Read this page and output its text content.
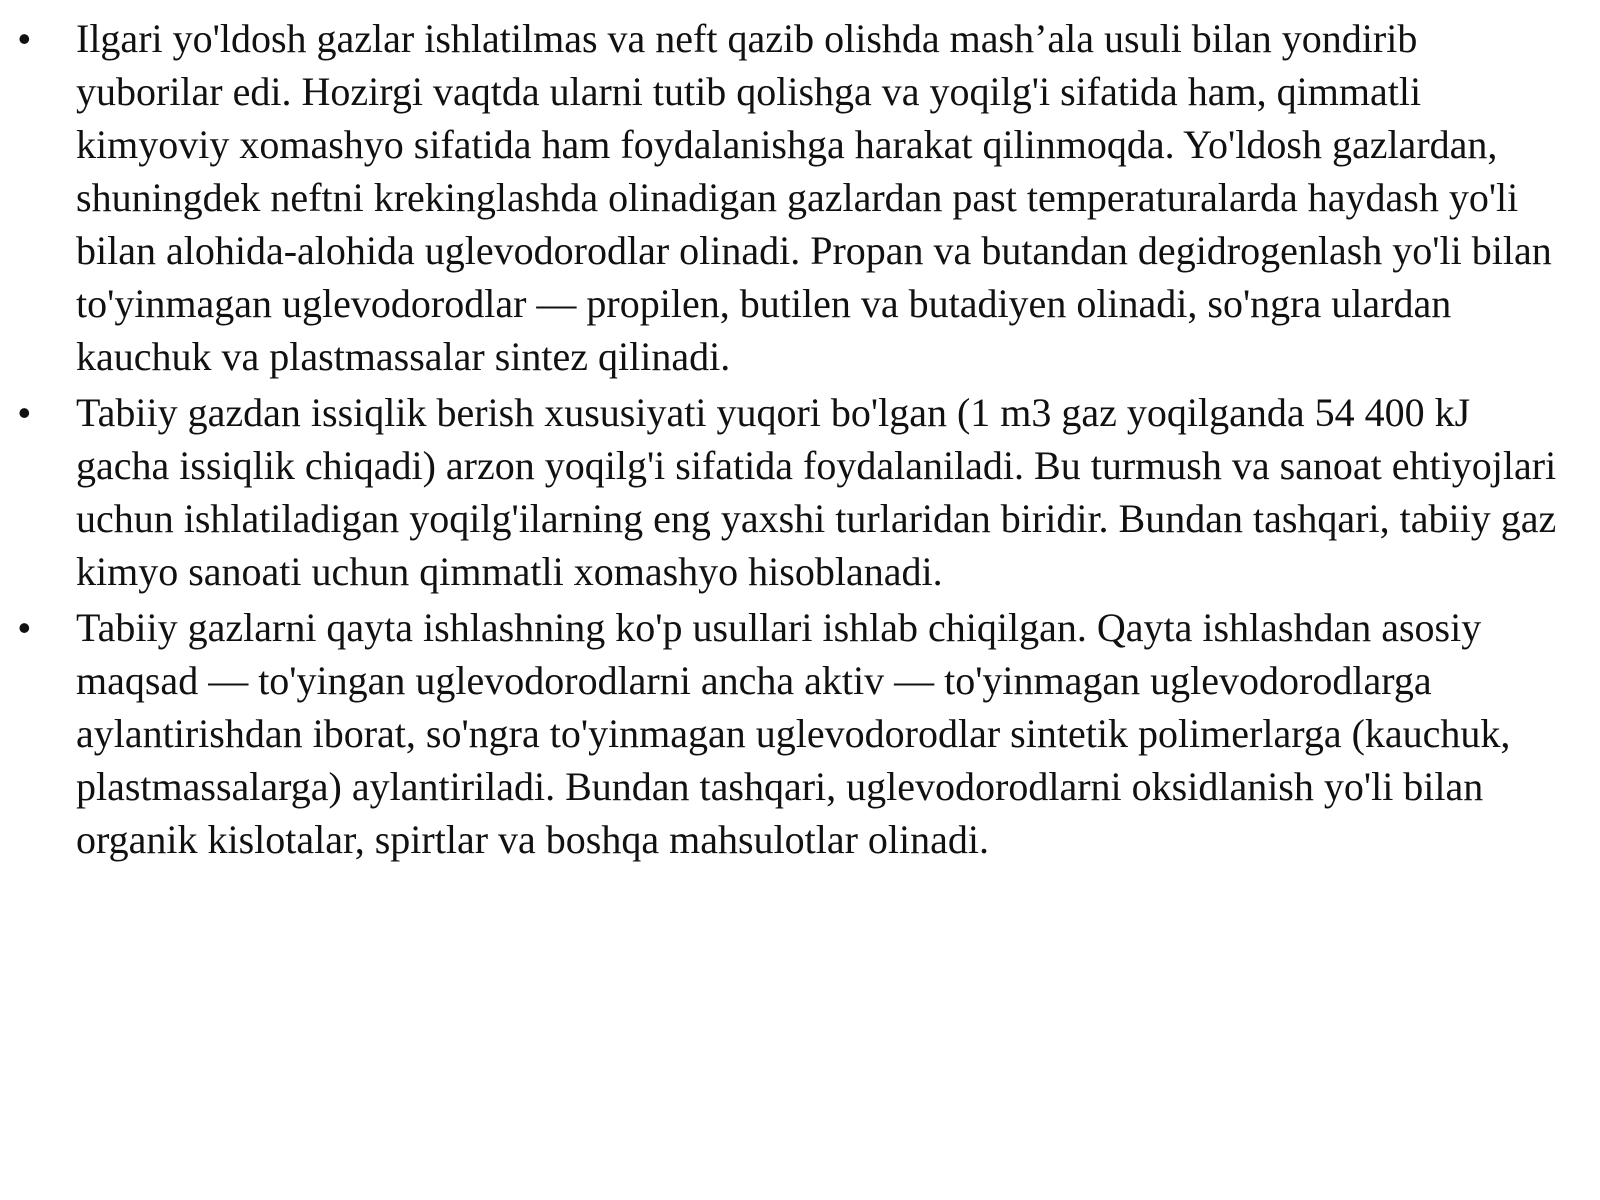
• Ilgari yo'ldosh gazlar ishlatilmas va neft qazib olishda mash’ala usuli bilan yondirib yuborilar edi. Hozirgi vaqtda ularni tutib qolishga va yoqilg'i sifatida ham, qimmatli kimyoviy xomashyo sifatida ham foydalanishga harakat qilinmoqda. Yo'ldosh gazlardan, shuningdek neftni krekinglashda olinadigan gazlardan past temperaturalarda haydash yo'li bilan alohida-alohida uglevodorodlar olinadi. Propan va butandan degidrogenlash yo'li bilan to'yinmagan uglevodorodlar — propilen, butilen va butadiyen olinadi, so'ngra ulardan kauchuk va plastmassalar sintez qilinadi.
• Tabiiy gazdan issiqlik berish xususiyati yuqori bo'lgan (1 m3 gaz yoqilganda 54 400 kJ gacha issiqlik chiqadi) arzon yoqilg'i sifatida foydalaniladi. Bu turmush va sanoat ehtiyojlari uchun ishlatiladigan yoqilg'ilarning eng yaxshi turlaridan biridir. Bundan tashqari, tabiiy gaz kimyo sanoati uchun qimmatli xomashyo hisoblanadi.
• Tabiiy gazlarni qayta ishlashning ko'p usullari ishlab chiqilgan. Qayta ishlashdan asosiy maqsad — to'yingan uglevodorodlarni ancha aktiv — to'yinmagan uglevodorodlarga aylantirishdan iborat, so'ngra to'yinmagan uglevodorodlar sintetik polimerlarga (kauchuk, plastmassalarga) aylantiriladi. Bundan tashqari, uglevodorodlarni oksidlanish yo'li bilan organik kislotalar, spirtlar va boshqa mahsulotlar olinadi.
